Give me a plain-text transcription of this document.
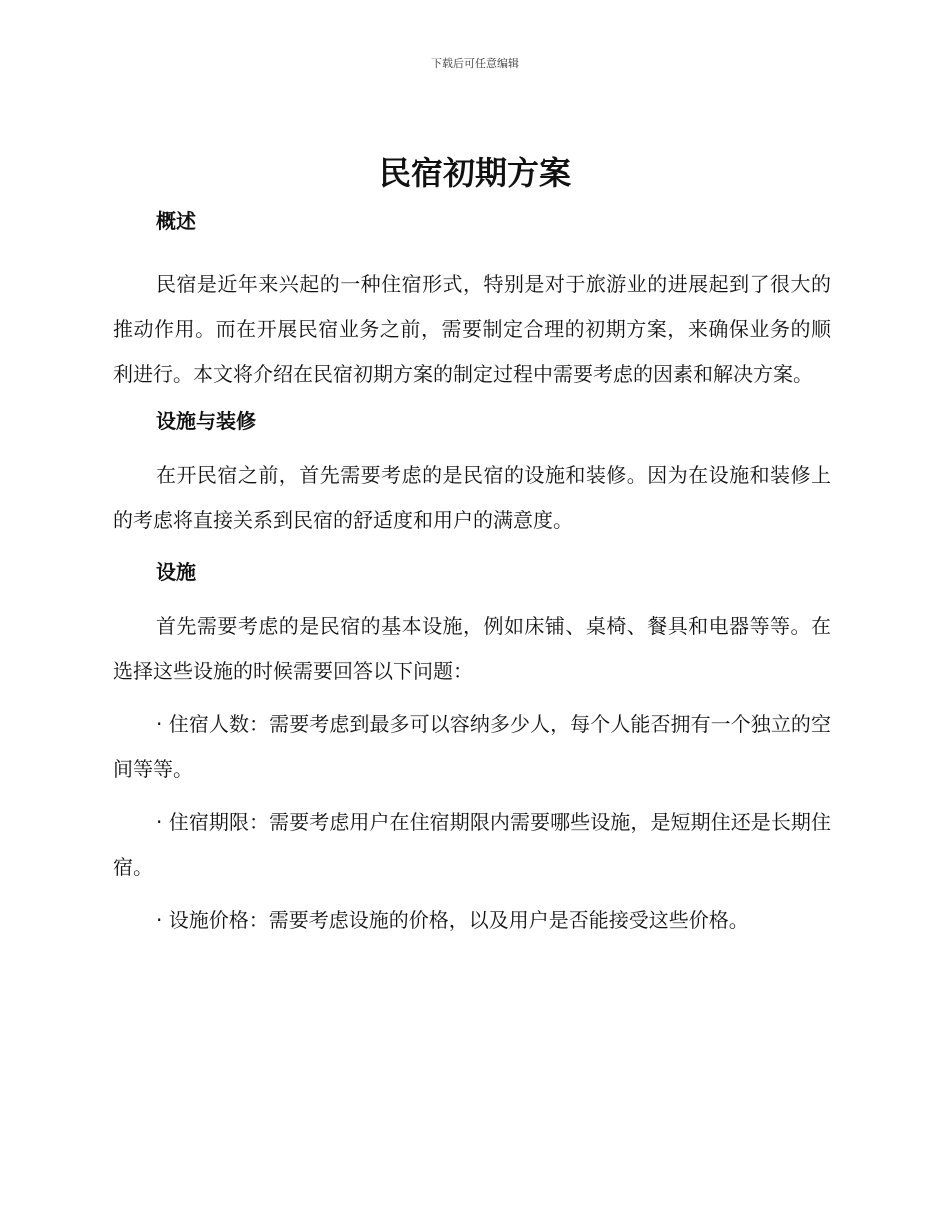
下载后可任意编辑
民宿初期方案
概述

民宿是近年来兴起的一种住宿形式，特别是对于旅游业的进展起到了很大的推动作用。而在开展民宿业务之前，需要制定合理的初期方案，来确保业务的顺利进行。本文将介绍在民宿初期方案的制定过程中需要考虑的因素和解决方案。

设施与装修

在开民宿之前，首先需要考虑的是民宿的设施和装修。因为在设施和装修上的考虑将直接关系到民宿的舒适度和用户的满意度。

设施

首先需要考虑的是民宿的基本设施，例如床铺、桌椅、餐具和电器等等。在选择这些设施的时候需要回答以下问题：

· 住宿人数：需要考虑到最多可以容纳多少人，每个人能否拥有一个独立的空间等等。

· 住宿期限：需要考虑用户在住宿期限内需要哪些设施，是短期住还是长期住宿。

· 设施价格：需要考虑设施的价格，以及用户是否能接受这些价格。
